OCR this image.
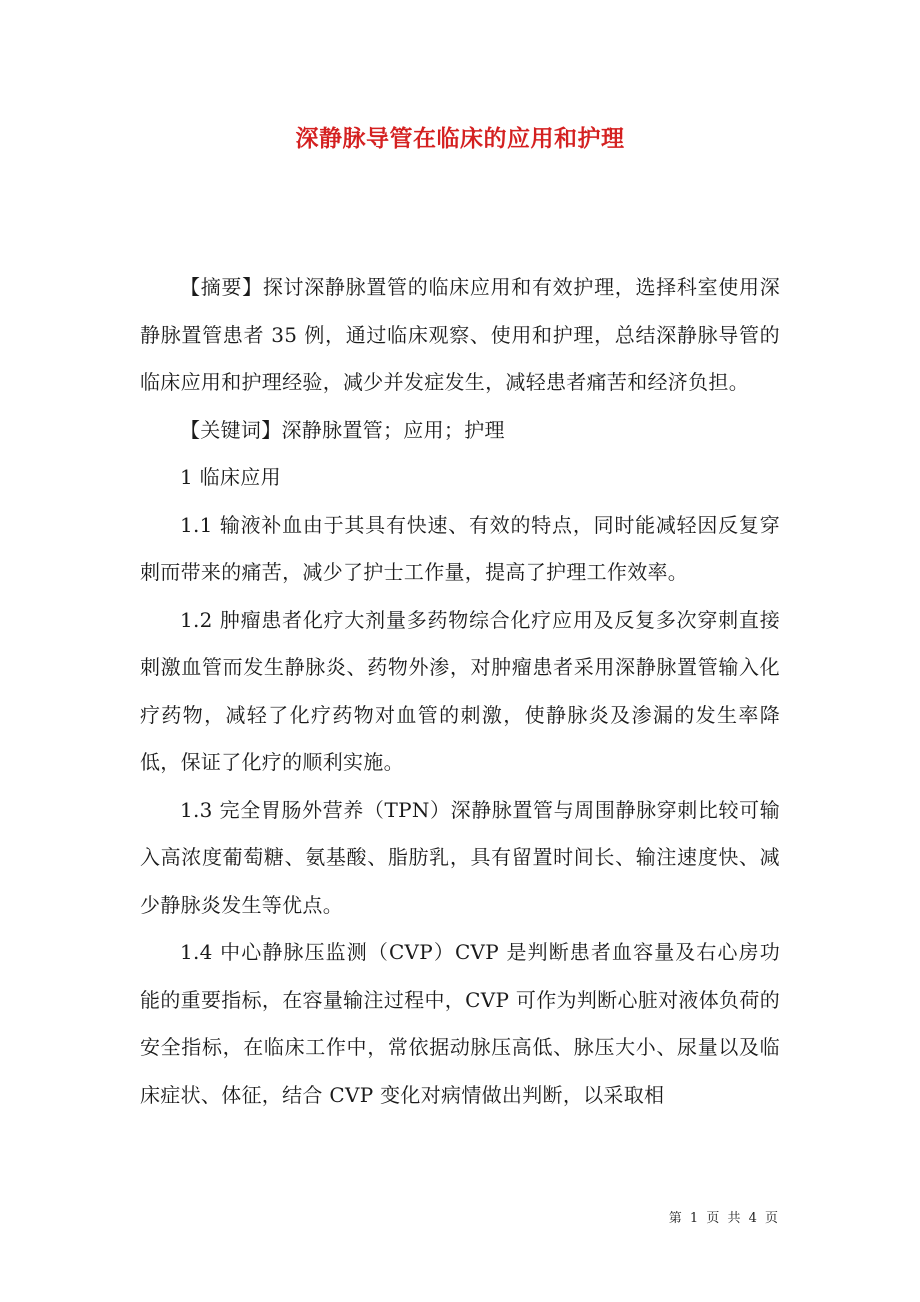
深静脉导管在临床的应用和护理

【摘要】探讨深静脉置管的临床应用和有效护理，选择科室使用深静脉置管患者 35 例，通过临床观察、使用和护理，总结深静脉导管的临床应用和护理经验，减少并发症发生，减轻患者痛苦和经济负担。

【关键词】深静脉置管；应用；护理

1 临床应用

1.1 输液补血由于其具有快速、有效的特点，同时能减轻因反复穿刺而带来的痛苦，减少了护士工作量，提高了护理工作效率。

1.2 肿瘤患者化疗大剂量多药物综合化疗应用及反复多次穿刺直接刺激血管而发生静脉炎、药物外渗，对肿瘤患者采用深静脉置管输入化疗药物，减轻了化疗药物对血管的刺激，使静脉炎及渗漏的发生率降低，保证了化疗的顺利实施。

1.3 完全胃肠外营养（TPN）深静脉置管与周围静脉穿刺比较可输入高浓度葡萄糖、氨基酸、脂肪乳，具有留置时间长、输注速度快、减少静脉炎发生等优点。

1.4 中心静脉压监测（CVP）CVP 是判断患者血容量及右心房功能的重要指标，在容量输注过程中，CVP 可作为判断心脏对液体负荷的安全指标，在临床工作中，常依据动脉压高低、脉压大小、尿量以及临床症状、体征，结合 CVP 变化对病情做出判断，以采取相

第 1 页 共 4 页
